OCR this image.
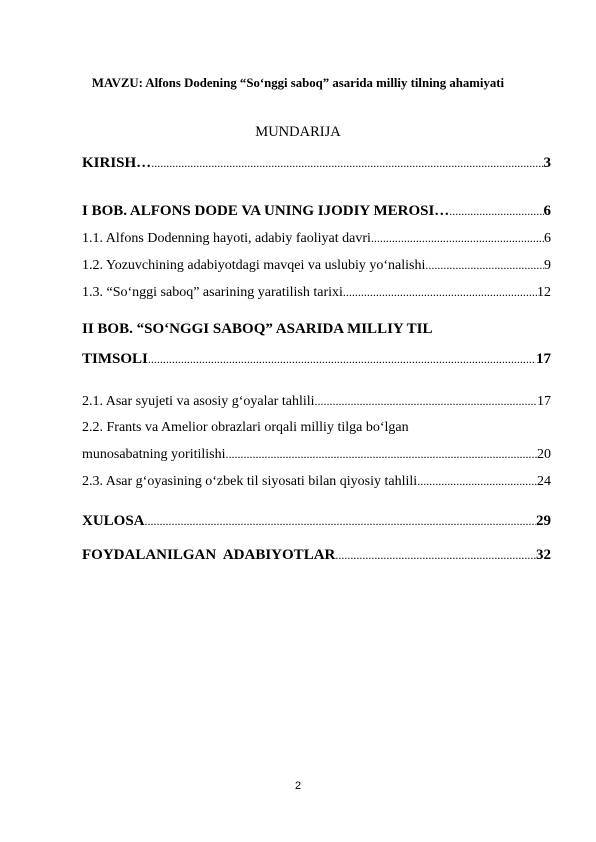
MAVZU: Alfons Dodening “So‘nggi saboq” asarida milliy tilning ahamiyati
MUNDARIJA
KIRISH… .....	3
I BOB. ALFONS DODE VA UNING IJODIY MEROSI… .....	6
1.1. Alfons Dodenning hayoti, adabiy faoliyat davri .....	6
1.2. Yozuvchining adabiyotdagi mavqei va uslubiy yo‘nalishi .....	9
1.3. “So‘nggi saboq” asarining yaratilish tarixi .....	12
II BOB. “SO‘NGGI SABOQ” ASARIDA MILLIY TIL
TIMSOLI .....	17
2.1. Asar syujeti va asosiy g‘oyalar tahlili .....	17
2.2. Frants va Amelior obrazlari orqali milliy tilga bo‘lgan
munosabatning yoritilishi .....	20
2.3. Asar g‘oyasining o‘zbek til siyosati bilan qiyosiy tahlili .....	24
XULOSA .....	29
FOYDALANILGAN  ADABIYOTLAR .....	32
2
